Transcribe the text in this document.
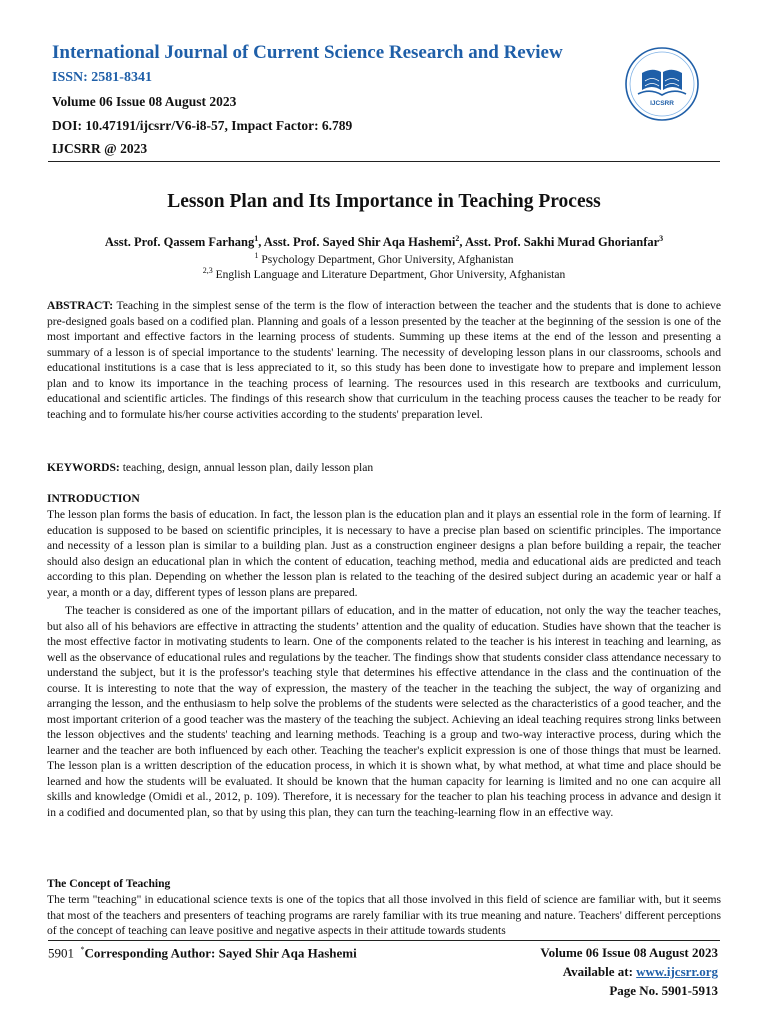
International Journal of Current Science Research and Review
ISSN: 2581-8341
Volume 06 Issue 08 August 2023
DOI: 10.47191/ijcsrr/V6-i8-57, Impact Factor: 6.789
IJCSRR @ 2023
IJCSRR
Lesson Plan and Its Importance in Teaching Process
Asst. Prof. Qassem Farhang$^1$, Asst. Prof. Sayed Shir Aqa Hashemi$^2$, Asst. Prof. Sakhi Murad Ghorianfar$^3$
$^1$ Psychology Department, Ghor University, Afghanistan
$^{2,3}$ English Language and Literature Department, Ghor University, Afghanistan

ABSTRACT: Teaching in the simplest sense of the term is the flow of interaction between the teacher and the students that is done to achieve pre-designed goals based on a codified plan. Planning and goals of a lesson presented by the teacher at the beginning of the session is one of the most important and effective factors in the learning process of students. Summing up these items at the end of the lesson and presenting a summary of a lesson is of special importance to the students' learning. The necessity of developing lesson plans in our classrooms, schools and educational institutions is a case that is less appreciated to it, so this study has been done to investigate how to prepare and implement lesson plan and to know its importance in the teaching process of learning. The resources used in this research are textbooks and curriculum, educational and scientific articles. The findings of this research show that curriculum in the teaching process causes the teacher to be ready for teaching and to formulate his/her course activities according to the students' preparation level.

KEYWORDS: teaching, design, annual lesson plan, daily lesson plan

INTRODUCTION

The lesson plan forms the basis of education. In fact, the lesson plan is the education plan and it plays an essential role in the form of learning. If education is supposed to be based on scientific principles, it is necessary to have a precise plan based on scientific principles. The importance and necessity of a lesson plan is similar to a building plan. Just as a construction engineer designs a plan before building a repair, the teacher should also design an educational plan in which the content of education, teaching method, media and educational aids are predicted and teach according to this plan. Depending on whether the lesson plan is related to the teaching of the desired subject during an academic year or half a year, a month or a day, different types of lesson plans are prepared.

The teacher is considered as one of the important pillars of education, and in the matter of education, not only the way the teacher teaches, but also all of his behaviors are effective in attracting the students’ attention and the quality of education. Studies have shown that the teacher is the most effective factor in motivating students to learn. One of the components related to the teacher is his interest in teaching and learning, as well as the observance of educational rules and regulations by the teacher. The findings show that students consider class attendance necessary to understand the subject, but it is the professor's teaching style that determines his effective attendance in the class and the continuation of the course. It is interesting to note that the way of expression, the mastery of the teacher in the teaching the subject, the way of organizing and arranging the lesson, and the enthusiasm to help solve the problems of the students were selected as the characteristics of a good teacher, and the most important criterion of a good teacher was the mastery of the teaching the subject. Achieving an ideal teaching requires strong links between the lesson objectives and the students' teaching and learning methods. Teaching is a group and two-way interactive process, during which the learner and the teacher are both influenced by each other. Teaching the teacher's explicit expression is one of those things that must be learned. The lesson plan is a written description of the education process, in which it is shown what, by what method, at what time and place should be learned and how the students will be evaluated. It should be known that the human capacity for learning is limited and no one can acquire all skills and knowledge (Omidi et al., 2012, p. 109). Therefore, it is necessary for the teacher to plan his teaching process in advance and design it in a codified and documented plan, so that by using this plan, they can turn the teaching-learning flow in an effective way.

The Concept of Teaching

The term "teaching" in educational science texts is one of the topics that all those involved in this field of science are familiar with, but it seems that most of the teachers and presenters of teaching programs are rarely familiar with its true meaning and nature. Teachers' different perceptions of the concept of teaching can leave positive and negative aspects in their attitude towards students

5901 *Corresponding Author: Sayed Shir Aqa Hashemi	Volume 06 Issue 08 August 2023
Available at: www.ijcsrr.org
Page No. 5901-5913
